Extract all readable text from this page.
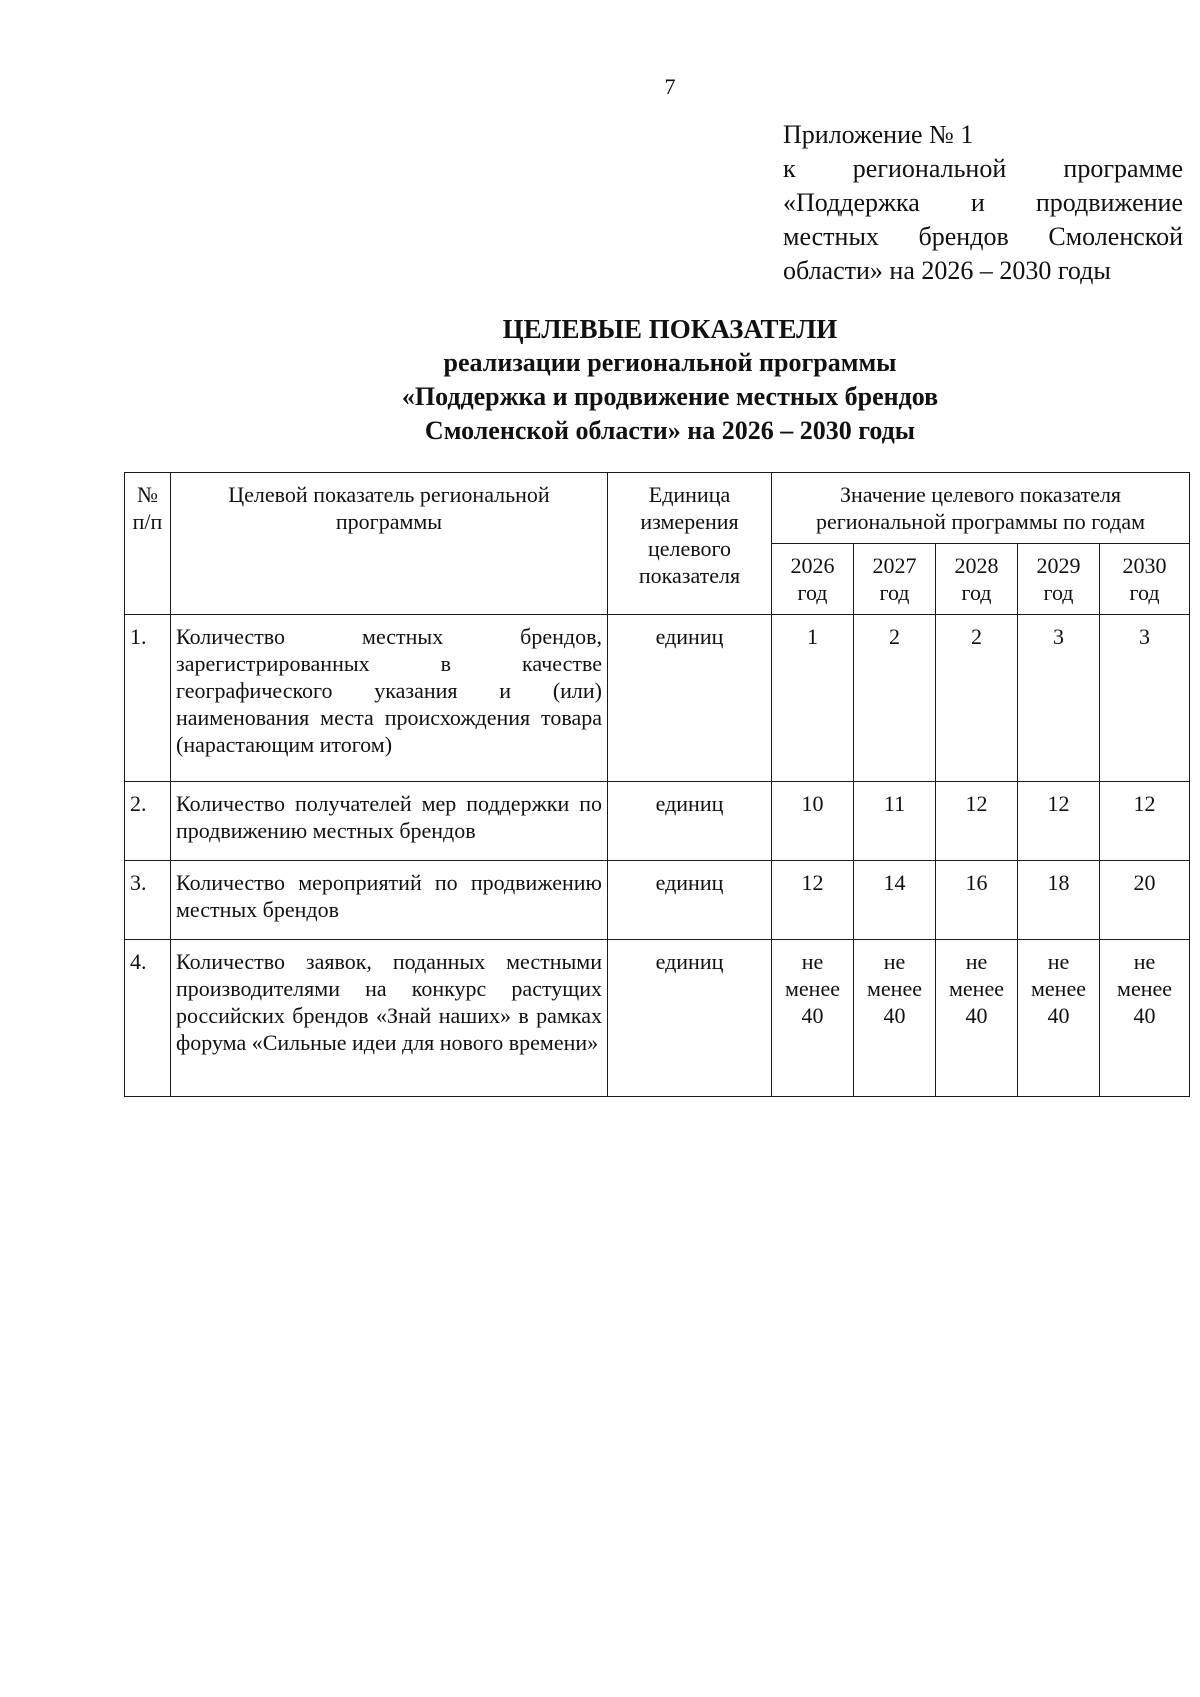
7
Приложение № 1
к региональной программе
«Поддержка и продвижение
местных брендов Смоленской
области» на 2026 – 2030 годы
ЦЕЛЕВЫЕ ПОКАЗАТЕЛИ
реализации региональной программы
«Поддержка и продвижение местных брендов
Смоленской области» на 2026 – 2030 годы
№ п/п	Целевой показатель региональной программы	Единица измерения целевого показателя	Значение целевого показателя региональной программы по годам				
			2026 год	2027 год	2028 год	2029 год	2030 год
1.	Количество местных брендов, зарегистрированных в качестве географического указания и (или) наименования места происхождения товара (нарастающим итогом)	единиц	1	2	2	3	3
2.	Количество получателей мер поддержки по продвижению местных брендов	единиц	10	11	12	12	12
3.	Количество мероприятий по продвижению местных брендов	единиц	12	14	16	18	20
4.	Количество заявок, поданных местными производителями на конкурс растущих российских брендов «Знай наших» в рамках форума «Сильные идеи для нового времени»	единиц	не менее 40	не менее 40	не менее 40	не менее 40	не менее 40
